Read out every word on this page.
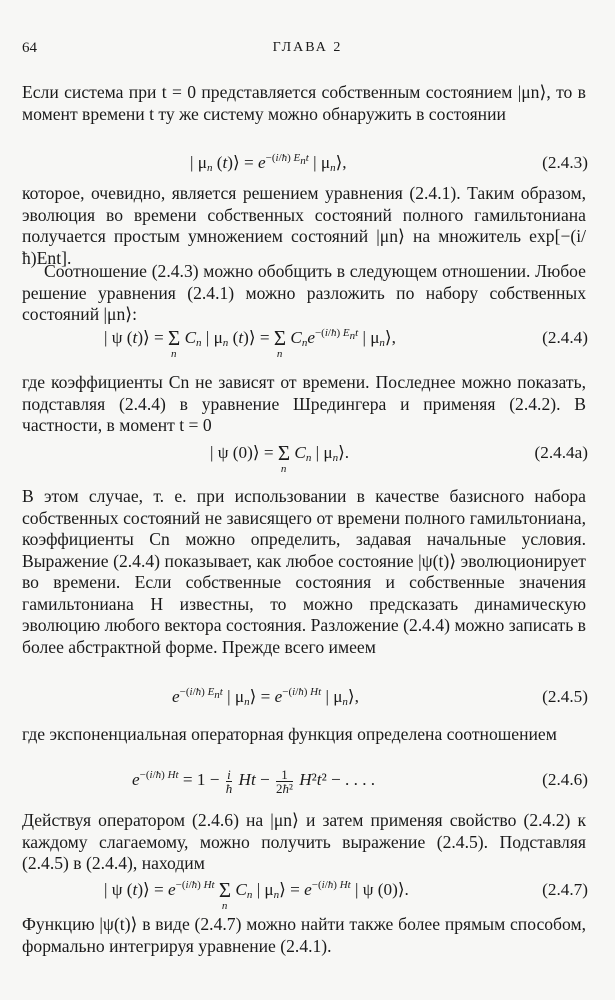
64	ГЛАВА 2
Если система при t = 0 представляется собственным состоянием |μn⟩, то в момент времени t ту же систему можно обнаружить в состоянии
| $\mu_n$ (t)⟩ = $e^{-(i/ħ) E_nt}$ | $\mu_n⟩$,	(2.4.3)
которое, очевидно, является решением уравнения (2.4.1). Таким образом, эволюция во времени собственных состояний полного гамильтониана получается простым умножением состояний |μn⟩ на множитель exp[−(i/ħ)Ent].
Соотношение (2.4.3) можно обобщить в следующем отношении. Любое решение уравнения (2.4.1) можно разложить по набору собственных состояний |μn⟩:
| ψ (t)⟩ = Σ
n
$C_n$ | $\mu_n$ (t)⟩ = Σ
n
$C_ne^{-(i/ħ) E_nt}$ | $\mu_n⟩$,	(2.4.4)
где коэффициенты Cn не зависят от времени. Последнее можно показать, подставляя (2.4.4) в уравнение Шредингера и применяя (2.4.2). В частности, в момент t = 0
| ψ (0)⟩ = Σ
n
$C_n$ | $\mu_n⟩$.	(2.4.4a)
В этом случае, т. е. при использовании в качестве базисного набора собственных состояний не зависящего от времени полного гамильтониана, коэффициенты Cn можно определить, задавая начальные условия. Выражение (2.4.4) показывает, как любое состояние |ψ(t)⟩ эволюционирует во времени. Если собственные состояния и собственные значения гамильтониана H известны, то можно предсказать динамическую эволюцию любого вектора состояния. Разложение (2.4.4) можно записать в более абстрактной форме. Прежде всего имеем
$e^{-(i/ħ) E_nt}$ | $\mu_n⟩ = e^{-(i/ħ) Ht}$ | $\mu_n⟩$,	(2.4.5)
где экспоненциальная операторная функция определена соотношением
$e^{-(i/ħ) Ht} = 1 - \frac{i}{ħ}$ $Ht - \frac{1}{\text{2ħ²}} H^2t^2$ − . . . .	(2.4.6)
Действуя оператором (2.4.6) на |μn⟩ и затем применяя свойство (2.4.2) к каждому слагаемому, можно получить выражение (2.4.5). Подставляя (2.4.5) в (2.4.4), находим
| ψ (t)⟩ = $e^{-(i/ħ) Ht}$ Σ
n
$C_n$ | $\mu_n⟩ = e^{-(i/ħ) Ht}$ | ψ (0)⟩.	(2.4.7)
Функцию |ψ(t)⟩ в виде (2.4.7) можно найти также более прямым способом, формально интегрируя уравнение (2.4.1).
